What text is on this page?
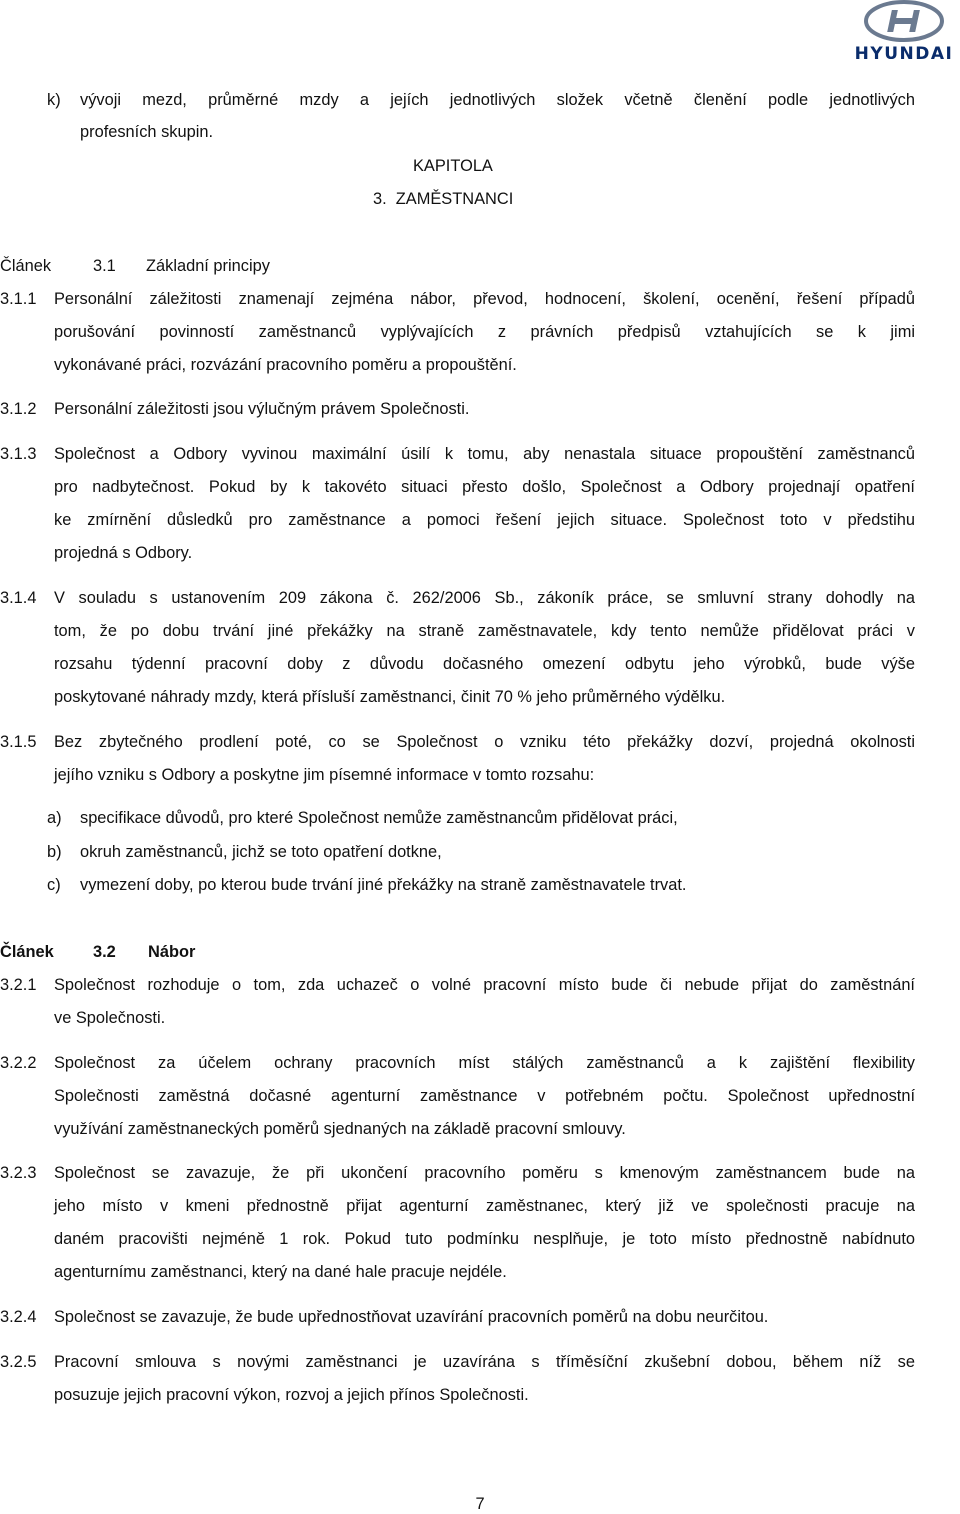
HYUNDAI
k) vývoji mezd, průměrné mzdy a jejích jednotlivých složek včetně členění podle jednotlivých
profesních skupin.
KAPITOLA
3.  ZAMĚSTNANCI
Článek	3.1 Základní principy
3.1.1 Personální záležitosti znamenají zejména nábor, převod, hodnocení, školení, ocenění, řešení případů
porušování povinností zaměstnanců vyplývajících z právních předpisů vztahujících se k jimi
vykonávané práci, rozvázání pracovního poměru a propouštění.
3.1.2 Personální záležitosti jsou výlučným právem Společnosti.
3.1.3 Společnost a Odbory vyvinou maximální úsilí k tomu, aby nenastala situace propouštění zaměstnanců
pro nadbytečnost. Pokud by k takovéto situaci přesto došlo, Společnost a Odbory projednají opatření
ke zmírnění důsledků pro zaměstnance a pomoci řešení jejich situace. Společnost toto v předstihu
projedná s Odbory.
3.1.4 V souladu s ustanovením 209 zákona č. 262/2006 Sb., zákoník práce, se smluvní strany dohodly na
tom, že po dobu trvání jiné překážky na straně zaměstnavatele, kdy tento nemůže přidělovat práci v
rozsahu týdenní pracovní doby z důvodu dočasného omezení odbytu jeho výrobků, bude výše
poskytované náhrady mzdy, která přísluší zaměstnanci, činit 70 % jeho průměrného výdělku.
3.1.5 Bez zbytečného prodlení poté, co se Společnost o vzniku této překážky dozví, projedná okolnosti
jejího vzniku s Odbory a poskytne jim písemné informace v tomto rozsahu:
a) specifikace důvodů, pro které Společnost nemůže zaměstnancům přidělovat práci,
b) okruh zaměstnanců, jichž se toto opatření dotkne,
c) vymezení doby, po kterou bude trvání jiné překážky na straně zaměstnavatele trvat.
Článek 3.2 Nábor
3.2.1 Společnost rozhoduje o tom, zda uchazeč o volné pracovní místo bude či nebude přijat do zaměstnání
ve Společnosti.
3.2.2 Společnost za účelem ochrany pracovních míst stálých zaměstnanců a k zajištění flexibility
Společnosti zaměstná dočasné agenturní zaměstnance v potřebném počtu. Společnost upřednostní
využívání zaměstnaneckých poměrů sjednaných na základě pracovní smlouvy.
3.2.3 Společnost se zavazuje, že při ukončení pracovního poměru s kmenovým zaměstnancem bude na
jeho místo v kmeni přednostně přijat agenturní zaměstnanec, který již ve společnosti pracuje na
daném pracovišti nejméně 1 rok. Pokud tuto podmínku nesplňuje, je toto místo přednostně nabídnuto
agenturnímu zaměstnanci, který na dané hale pracuje nejdéle.
3.2.4 Společnost se zavazuje, že bude upřednostňovat uzavírání pracovních poměrů na dobu neurčitou.
3.2.5 Pracovní smlouva s novými zaměstnanci je uzavírána s tříměsíční zkušební dobou, během níž se
posuzuje jejich pracovní výkon, rozvoj a jejich přínos Společnosti.
7
